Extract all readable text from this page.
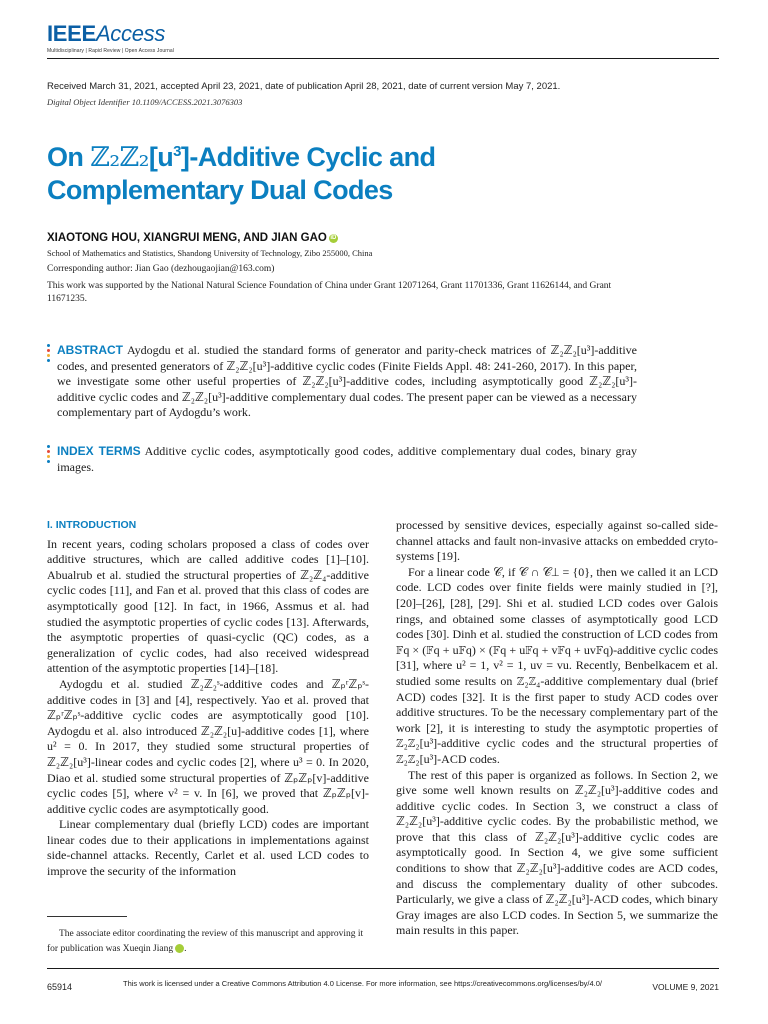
IEEEAccess
Multidisciplinary | Rapid Review | Open Access Journal
Received March 31, 2021, accepted April 23, 2021, date of publication April 28, 2021, date of current version May 7, 2021.
Digital Object Identifier 10.1109/ACCESS.2021.3076303
On $ℤ_2ℤ_2[u^3]$-Additive Cyclic and
Complementary Dual Codes
XIAOTONG HOU, XIANGRUI MENG, AND JIAN GAO iD
School of Mathematics and Statistics, Shandong University of Technology, Zibo 255000, China
Corresponding author: Jian Gao (dezhougaojian@163.com)
This work was supported by the National Natural Science Foundation of China under Grant 12071264, Grant 11701336, Grant 11626144, and Grant 11671235.
ABSTRACT Aydogdu et al. studied the standard forms of generator and parity-check matrices of ℤ₂ℤ₂[u³]-additive codes, and presented generators of ℤ₂ℤ₂[u³]-additive cyclic codes (Finite Fields Appl. 48: 241-260, 2017). In this paper, we investigate some other useful properties of ℤ₂ℤ₂[u³]-additive codes, including asymptotically good ℤ₂ℤ₂[u³]-additive cyclic codes and ℤ₂ℤ₂[u³]-additive complementary dual codes. The present paper can be viewed as a necessary complementary part of Aydogdu’s work.
INDEX TERMS Additive cyclic codes, asymptotically good codes, additive complementary dual codes, binary gray images.
I. INTRODUCTION

In recent years, coding scholars proposed a class of codes over additive structures, which are called additive codes [1]–[10]. Abualrub et al. studied the structural properties of ℤ₂ℤ₄-additive cyclic codes [11], and Fan et al. proved that this class of codes are asymptotically good [12]. In fact, in 1966, Assmus et al. had studied the asymptotic properties of cyclic codes [13]. Afterwards, the asymptotic properties of quasi-cyclic (QC) codes, as a generalization of cyclic codes, had also received widespread attention of the asymptotic properties [14]–[18].

Aydogdu et al. studied ℤ₂ℤ₂ˢ-additive codes and ℤₚʳℤₚˢ-additive codes in [3] and [4], respectively. Yao et al. proved that ℤₚʳℤₚˢ-additive cyclic codes are asymptotically good [10]. Aydogdu et al. also introduced ℤ₂ℤ₂[u]-additive codes [1], where u² = 0. In 2017, they studied some structural properties of ℤ₂ℤ₂[u³]-linear codes and cyclic codes [2], where u³ = 0. In 2020, Diao et al. studied some structural properties of ℤₚℤₚ[v]-additive cyclic codes [5], where v² = v. In [6], we proved that ℤₚℤₚ[v]-additive cyclic codes are asymptotically good.

Linear complementary dual (briefly LCD) codes are important linear codes due to their applications in implementations against side-channel attacks. Recently, Carlet et al. used LCD codes to improve the security of the information

processed by sensitive devices, especially against so-called side-channel attacks and fault non-invasive attacks on embedded cryto-systems [19].

For a linear code 𝒞, if 𝒞 ∩ 𝒞⊥ = {0}, then we called it an LCD code. LCD codes over finite fields were mainly studied in [?], [20]–[26], [28], [29]. Shi et al. studied LCD codes over Galois rings, and obtained some classes of asymptotically good LCD codes [30]. Dinh et al. studied the construction of LCD codes from 𝔽q × (𝔽q + u𝔽q) × (𝔽q + u𝔽q + v𝔽q + uv𝔽q)-additive cyclic codes [31], where u² = 1, v² = 1, uv = vu. Recently, Benbelkacem et al. studied some results on ℤ₂ℤ₄-additive complementary dual (brief ACD) codes [32]. It is the first paper to study ACD codes over additive structures. To be the necessary complementary part of the work [2], it is interesting to study the asymptotic properties of ℤ₂ℤ₂[u³]-additive cyclic codes and the structural properties of ℤ₂ℤ₂[u³]-ACD codes.

The rest of this paper is organized as follows. In Section 2, we give some well known results on ℤ₂ℤ₂[u³]-additive codes and additive cyclic codes. In Section 3, we construct a class of ℤ₂ℤ₂[u³]-additive cyclic codes. By the probabilistic method, we prove that this class of ℤ₂ℤ₂[u³]-additive cyclic codes are asymptotically good. In Section 4, we give some sufficient conditions to show that ℤ₂ℤ₂[u³]-additive codes are ACD codes, and discuss the complementary duality of other subcodes. Particularly, we give a class of ℤ₂ℤ₂[u³]-ACD codes, which binary Gray images are also LCD codes. In Section 5, we summarize the main results in this paper.

The associate editor coordinating the review of this manuscript and approving it for publication was Xueqin Jiang iD.
65914	This work is licensed under a Creative Commons Attribution 4.0 License. For more information, see https://creativecommons.org/licenses/by/4.0/	VOLUME 9, 2021
